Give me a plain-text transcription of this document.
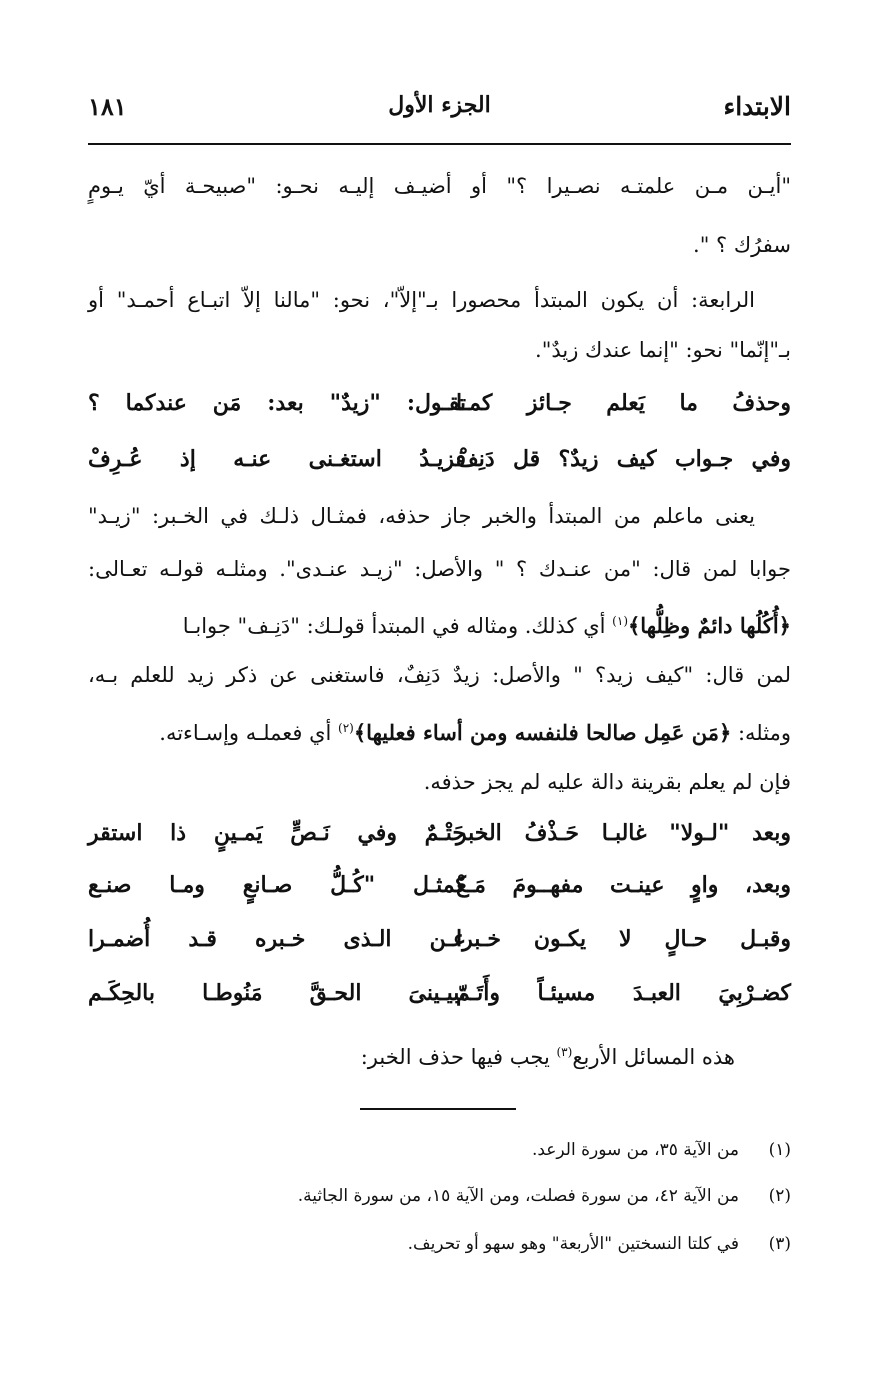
الابتداء
الجزء الأول
١٨١
"أيـن مـن علمتـه نصـيرا ؟" أو أضيـف إليـه نحـو: "صبيحـة أيّ يـومٍ
سفرُك ؟ ".
الرابعة: أن يكون المبتدأ محصورا بـ"إلاّ"، نحو: "مالنا إلاّ اتبـاع أحمـد" أو
بـ"إنّما" نحو: "إنما عندك زيدٌ".
وحذفُ ما يَعلم جـائز كمـا
تقـول: "زيدٌ" بعد: مَن عندكما ؟
وفي جـواب كيف زيدٌ؟ قل دَنِفْ
فزيـدُ استغـنى عنـه إذ عُـرِفْ
يعنى ماعلم من المبتدأ والخبر جاز حذفه، فمثـال ذلـك في الخـبر: "زيـد"
جوابا لمن قال: "من عنـدك ؟ " والأصل: "زيـد عنـدى". ومثلـه قولـه تعـالى:
﴿أُكُلُها دائمٌ وظِلُّها﴾$^{(١)}$ أي كذلك. ومثاله في المبتدأ قولـك: "دَنِـف" جوابـا
لمن قال: "كيف زيد؟ " والأصل: زيدٌ دَنِفٌ، فاستغنى عن ذكر زيد للعلم بـه،
ومثله: ﴿مَن عَمِل صالحا فلنفسه ومن أساء فعليها﴾$^{(٢)}$ أي فعملـه وإسـاءته.
فإن لم يعلم بقرينة دالة عليه لم يجز حذفه.
وبعد "لـولا" غالبـا حَـذْفُ الخبر
حَتْـمٌ وفي نَـصٍّ يَمـينٍ ذا استقر
وبعد، واوٍ عينـت مفهــومَ مَـعْ
كمثـل "كُـلُّ صـانعٍ ومـا صنـع
وقبـل حـالٍ لا يكـون خـبرا
عـن الـذى خـبره قـد أُضمـرا
كضـرْبِيَ العبـدَ مسيئـاً وأَتَـمّ
تبيـينىَ الحـقَّ مَنُوطـا بالحِكَـم
هذه المسائل الأربع$^{(٣)}$ يجب فيها حذف الخبر:
(١)من الآية ٣٥، من سورة الرعد.
(٢)من الآية ٤٢، من سورة فصلت، ومن الآية ١٥، من سورة الجاثية.
(٣)في كلتا النسختين "الأربعة" وهو سهو أو تحريف.
